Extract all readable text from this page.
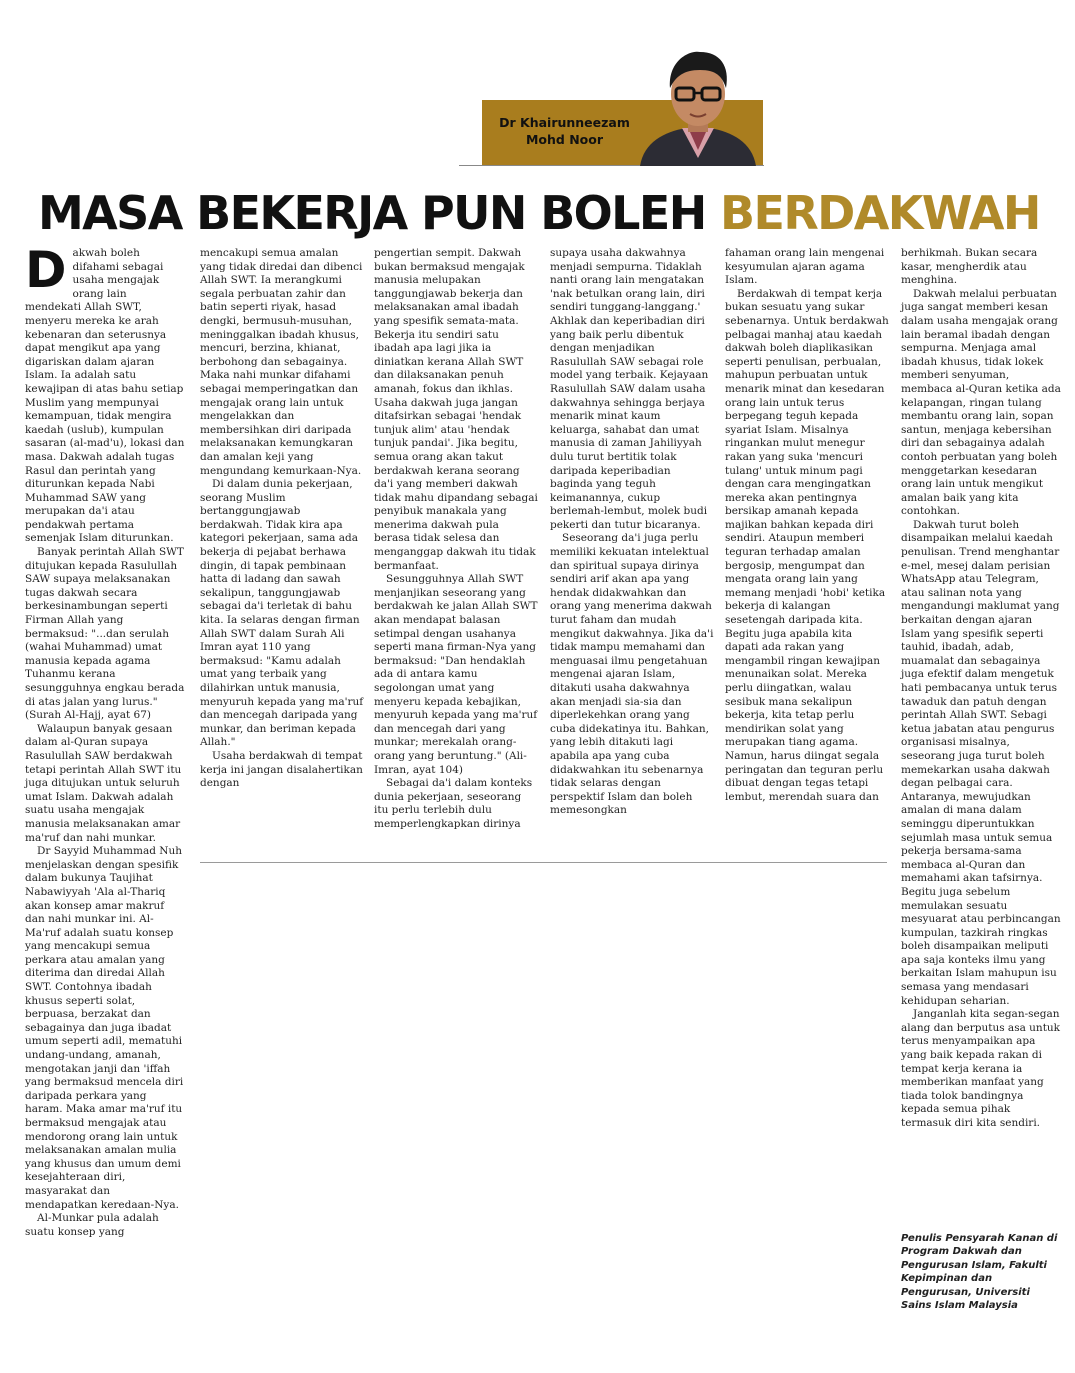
Dr Khairunneezam
Mohd Noor
MASA BEKERJA PUN BOLEH BERDAKWAH
D akwah boleh difahami sebagai usaha mengajak orang lain mendekati Allah SWT, menyeru mereka ke arah kebenaran dan seterusnya dapat mengikut apa yang digariskan dalam ajaran Islam. Ia adalah satu kewajipan di atas bahu setiap Muslim yang mempunyai kemampuan, tidak mengira kaedah (uslub), kumpulan sasaran (al-mad'u), lokasi dan masa. Dakwah adalah tugas Rasul dan perintah yang diturunkan kepada Nabi Muhammad SAW yang merupakan da'i atau pendakwah pertama semenjak Islam diturunkan.

Banyak perintah Allah SWT ditujukan kepada Rasulullah SAW supaya melaksanakan tugas dakwah secara berkesinambungan seperti Firman Allah yang bermaksud: "...dan serulah (wahai Muhammad) umat manusia kepada agama Tuhanmu kerana sesungguhnya engkau berada di atas jalan yang lurus." (Surah Al-Hajj, ayat 67)

Walaupun banyak gesaan dalam al-Quran supaya Rasulullah SAW berdakwah tetapi perintah Allah SWT itu juga ditujukan untuk seluruh umat Islam. Dakwah adalah suatu usaha mengajak manusia melaksanakan amar ma'ruf dan nahi munkar.

Dr Sayyid Muhammad Nuh menjelaskan dengan spesifik dalam bukunya Taujihat Nabawiyyah 'Ala al-Thariq akan konsep amar makruf dan nahi munkar ini. Al-Ma'ruf adalah suatu konsep yang mencakupi semua perkara atau amalan yang diterima dan diredai Allah SWT. Contohnya ibadah khusus seperti solat, berpuasa, berzakat dan sebagainya dan juga ibadat umum seperti adil, mematuhi undang-undang, amanah, mengotakan janji dan 'iffah yang bermaksud mencela diri daripada perkara yang haram. Maka amar ma'ruf itu bermaksud mengajak atau mendorong orang lain untuk melaksanakan amalan mulia yang khusus dan umum demi kesejahteraan diri, masyarakat dan mendapatkan keredaan-Nya.

Al-Munkar pula adalah suatu konsep yang

mencakupi semua amalan yang tidak diredai dan dibenci Allah SWT. Ia merangkumi segala perbuatan zahir dan batin seperti riyak, hasad dengki, bermusuh-musuhan, meninggalkan ibadah khusus, mencuri, berzina, khianat, berbohong dan sebagainya. Maka nahi munkar difahami sebagai memperingatkan dan mengajak orang lain untuk mengelakkan dan membersihkan diri daripada melaksanakan kemungkaran dan amalan keji yang mengundang kemurkaan-Nya.

Di dalam dunia pekerjaan, seorang Muslim bertanggungjawab berdakwah. Tidak kira apa kategori pekerjaan, sama ada bekerja di pejabat berhawa dingin, di tapak pembinaan hatta di ladang dan sawah sekalipun, tanggungjawab sebagai da'i terletak di bahu kita. Ia selaras dengan firman Allah SWT dalam Surah Ali Imran ayat 110 yang bermaksud: "Kamu adalah umat yang terbaik yang dilahirkan untuk manusia, menyuruh kepada yang ma'ruf dan mencegah daripada yang munkar, dan beriman kepada Allah."

Usaha berdakwah di tempat kerja ini jangan disalahertikan dengan

pengertian sempit. Dakwah bukan bermaksud mengajak manusia melupakan tanggungjawab bekerja dan melaksanakan amal ibadah yang spesifik semata-mata. Bekerja itu sendiri satu ibadah apa lagi jika ia diniatkan kerana Allah SWT dan dilaksanakan penuh amanah, fokus dan ikhlas. Usaha dakwah juga jangan ditafsirkan sebagai 'hendak tunjuk alim' atau 'hendak tunjuk pandai'. Jika begitu, semua orang akan takut berdakwah kerana seorang da'i yang memberi dakwah tidak mahu dipandang sebagai penyibuk manakala yang menerima dakwah pula berasa tidak selesa dan menganggap dakwah itu tidak bermanfaat.

Sesungguhnya Allah SWT menjanjikan seseorang yang berdakwah ke jalan Allah SWT akan mendapat balasan setimpal dengan usahanya seperti mana firman-Nya yang bermaksud: "Dan hendaklah ada di antara kamu segolongan umat yang menyeru kepada kebajikan, menyuruh kepada yang ma'ruf dan mencegah dari yang munkar; merekalah orang-orang yang beruntung." (Ali-Imran, ayat 104)

Sebagai da'i dalam konteks dunia pekerjaan, seseorang itu perlu terlebih dulu memperlengkapkan dirinya

supaya usaha dakwahnya menjadi sempurna. Tidaklah nanti orang lain mengatakan 'nak betulkan orang lain, diri sendiri tunggang-langgang.' Akhlak dan keperibadian diri yang baik perlu dibentuk dengan menjadikan Rasulullah SAW sebagai role model yang terbaik. Kejayaan Rasulullah SAW dalam usaha dakwahnya sehingga berjaya menarik minat kaum keluarga, sahabat dan umat manusia di zaman Jahiliyyah dulu turut bertitik tolak daripada keperibadian baginda yang teguh keimanannya, cukup berlemah-lembut, molek budi pekerti dan tutur bicaranya.

Seseorang da'i juga perlu memiliki kekuatan intelektual dan spiritual supaya dirinya sendiri arif akan apa yang hendak didakwahkan dan orang yang menerima dakwah turut faham dan mudah mengikut dakwahnya. Jika da'i tidak mampu memahami dan menguasai ilmu pengetahuan mengenai ajaran Islam, ditakuti usaha dakwahnya akan menjadi sia-sia dan diperlekehkan orang yang cuba didekatinya itu. Bahkan, yang lebih ditakuti lagi apabila apa yang cuba didakwahkan itu sebenarnya tidak selaras dengan perspektif Islam dan boleh memesongkan

fahaman orang lain mengenai kesyumulan ajaran agama Islam.

Berdakwah di tempat kerja bukan sesuatu yang sukar sebenarnya. Untuk berdakwah pelbagai manhaj atau kaedah dakwah boleh diaplikasikan seperti penulisan, perbualan, mahupun perbuatan untuk menarik minat dan kesedaran orang lain untuk terus berpegang teguh kepada syariat Islam. Misalnya ringankan mulut menegur rakan yang suka 'mencuri tulang' untuk minum pagi dengan cara mengingatkan mereka akan pentingnya bersikap amanah kepada majikan bahkan kepada diri sendiri. Ataupun memberi teguran terhadap amalan bergosip, mengumpat dan mengata orang lain yang memang menjadi 'hobi' ketika bekerja di kalangan sesetengah daripada kita. Begitu juga apabila kita dapati ada rakan yang mengambil ringan kewajipan menunaikan solat. Mereka perlu diingatkan, walau sesibuk mana sekalipun bekerja, kita tetap perlu mendirikan solat yang merupakan tiang agama. Namun, harus diingat segala peringatan dan teguran perlu dibuat dengan tegas tetapi lembut, merendah suara dan

berhikmah. Bukan secara kasar, mengherdik atau menghina.

Dakwah melalui perbuatan juga sangat memberi kesan dalam usaha mengajak orang lain beramal ibadah dengan sempurna. Menjaga amal ibadah khusus, tidak lokek memberi senyuman, membaca al-Quran ketika ada kelapangan, ringan tulang membantu orang lain, sopan santun, menjaga kebersihan diri dan sebagainya adalah contoh perbuatan yang boleh menggetarkan kesedaran orang lain untuk mengikut amalan baik yang kita contohkan.

Dakwah turut boleh disampaikan melalui kaedah penulisan. Trend menghantar e-mel, mesej dalam perisian WhatsApp atau Telegram, atau salinan nota yang mengandungi maklumat yang berkaitan dengan ajaran Islam yang spesifik seperti tauhid, ibadah, adab, muamalat dan sebagainya juga efektif dalam mengetuk hati pembacanya untuk terus tawaduk dan patuh dengan perintah Allah SWT. Sebagi ketua jabatan atau pengurus organisasi misalnya, seseorang juga turut boleh memekarkan usaha dakwah degan pelbagai cara. Antaranya, mewujudkan amalan di mana dalam seminggu diperuntukkan sejumlah masa untuk semua pekerja bersama-sama membaca al-Quran dan memahami akan tafsirnya. Begitu juga sebelum memulakan sesuatu mesyuarat atau perbincangan kumpulan, tazkirah ringkas boleh disampaikan meliputi apa saja konteks ilmu yang berkaitan Islam mahupun isu semasa yang mendasari kehidupan seharian.

Janganlah kita segan-segan alang dan berputus asa untuk terus menyampaikan apa yang baik kepada rakan di tempat kerja kerana ia memberikan manfaat yang tiada tolok bandingnya kepada semua pihak termasuk diri kita sendiri.

Penulis Pensyarah Kanan di Program Dakwah dan Pengurusan Islam, Fakulti Kepimpinan dan Pengurusan, Universiti Sains Islam Malaysia
